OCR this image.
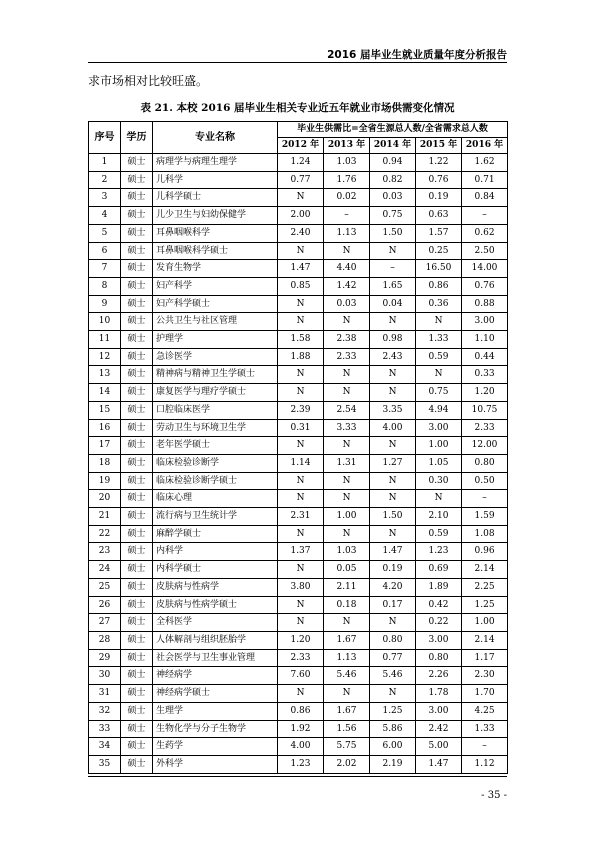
2016 届毕业生就业质量年度分析报告
求市场相对比较旺盛。
表 21. 本校 2016 届毕业生相关专业近五年就业市场供需变化情况
序号	学历	专业名称	毕业生供需比=全省生源总人数/全省需求总人数				
			2012 年	2013 年	2014 年	2015 年	2016 年
1	硕士	病理学与病理生理学	1.24	1.03	0.94	1.22	1.62
2	硕士	儿科学	0.77	1.76	0.82	0.76	0.71
3	硕士	儿科学硕士	N	0.02	0.03	0.19	0.84
4	硕士	儿少卫生与妇幼保健学	2.00	–	0.75	0.63	–
5	硕士	耳鼻咽喉科学	2.40	1.13	1.50	1.57	0.62
6	硕士	耳鼻咽喉科学硕士	N	N	N	0.25	2.50
7	硕士	发育生物学	1.47	4.40	–	16.50	14.00
8	硕士	妇产科学	0.85	1.42	1.65	0.86	0.76
9	硕士	妇产科学硕士	N	0.03	0.04	0.36	0.88
10	硕士	公共卫生与社区管理	N	N	N	N	3.00
11	硕士	护理学	1.58	2.38	0.98	1.33	1.10
12	硕士	急诊医学	1.88	2.33	2.43	0.59	0.44
13	硕士	精神病与精神卫生学硕士	N	N	N	N	0.33
14	硕士	康复医学与理疗学硕士	N	N	N	0.75	1.20
15	硕士	口腔临床医学	2.39	2.54	3.35	4.94	10.75
16	硕士	劳动卫生与环境卫生学	0.31	3.33	4.00	3.00	2.33
17	硕士	老年医学硕士	N	N	N	1.00	12.00
18	硕士	临床检验诊断学	1.14	1.31	1.27	1.05	0.80
19	硕士	临床检验诊断学硕士	N	N	N	0.30	0.50
20	硕士	临床心理	N	N	N	N	–
21	硕士	流行病与卫生统计学	2.31	1.00	1.50	2.10	1.59
22	硕士	麻醉学硕士	N	N	N	0.59	1.08
23	硕士	内科学	1.37	1.03	1.47	1.23	0.96
24	硕士	内科学硕士	N	0.05	0.19	0.69	2.14
25	硕士	皮肤病与性病学	3.80	2.11	4.20	1.89	2.25
26	硕士	皮肤病与性病学硕士	N	0.18	0.17	0.42	1.25
27	硕士	全科医学	N	N	N	0.22	1.00
28	硕士	人体解剖与组织胚胎学	1.20	1.67	0.80	3.00	2.14
29	硕士	社会医学与卫生事业管理	2.33	1.13	0.77	0.80	1.17
30	硕士	神经病学	7.60	5.46	5.46	2.26	2.30
31	硕士	神经病学硕士	N	N	N	1.78	1.70
32	硕士	生理学	0.86	1.67	1.25	3.00	4.25
33	硕士	生物化学与分子生物学	1.92	1.56	5.86	2.42	1.33
34	硕士	生药学	4.00	5.75	6.00	5.00	–
35	硕士	外科学	1.23	2.02	2.19	1.47	1.12
- 35 -
